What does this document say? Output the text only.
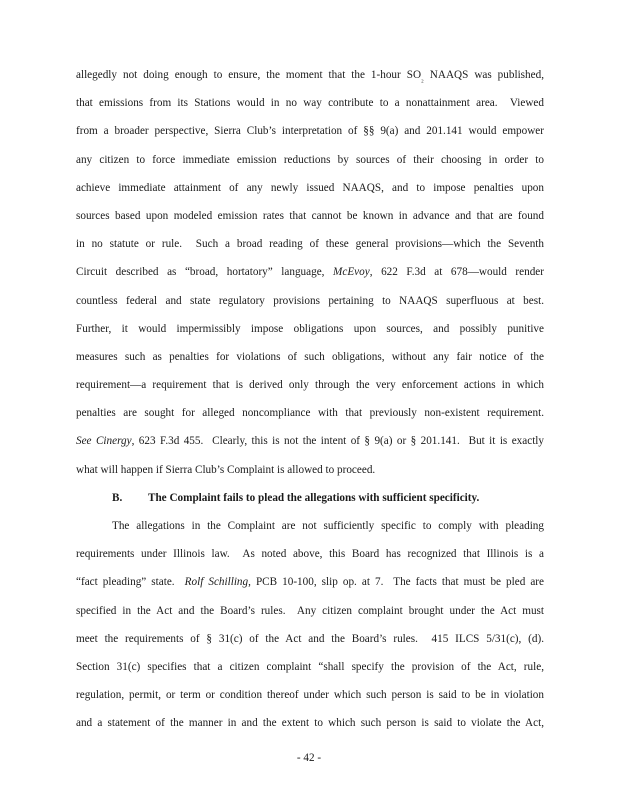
allegedly not doing enough to ensure, the moment that the 1-hour $SO_{_2}$ NAAQS was published,
that emissions from its Stations would in no way contribute to a nonattainment area.  Viewed
from a broader perspective, Sierra Club’s interpretation of §§ 9(a) and 201.141 would empower
any citizen to force immediate emission reductions by sources of their choosing in order to
achieve immediate attainment of any newly issued NAAQS, and to impose penalties upon
sources based upon modeled emission rates that cannot be known in advance and that are found
in no statute or rule.  Such a broad reading of these general provisions—which the Seventh
Circuit described as “broad, hortatory” language, McEvoy, 622 F.3d at 678—would render
countless federal and state regulatory provisions pertaining to NAAQS superfluous at best.
Further, it would impermissibly impose obligations upon sources, and possibly punitive
measures such as penalties for violations of such obligations, without any fair notice of the
requirement—a requirement that is derived only through the very enforcement actions in which
penalties are sought for alleged noncompliance with that previously non-existent requirement.
See Cinergy, 623 F.3d 455.  Clearly, this is not the intent of § 9(a) or § 201.141.  But it is exactly
what will happen if Sierra Club’s Complaint is allowed to proceed.
B. The Complaint fails to plead the allegations with sufficient specificity.
The allegations in the Complaint are not sufficiently specific to comply with pleading
requirements under Illinois law.  As noted above, this Board has recognized that Illinois is a
“fact pleading” state.  Rolf Schilling, PCB 10-100, slip op. at 7.  The facts that must be pled are
specified in the Act and the Board’s rules.  Any citizen complaint brought under the Act must
meet the requirements of § 31(c) of the Act and the Board’s rules.  415 ILCS 5/31(c), (d).
Section 31(c) specifies that a citizen complaint “shall specify the provision of the Act, rule,
regulation, permit, or term or condition thereof under which such person is said to be in violation
and a statement of the manner in and the extent to which such person is said to violate the Act,
- 42 -
